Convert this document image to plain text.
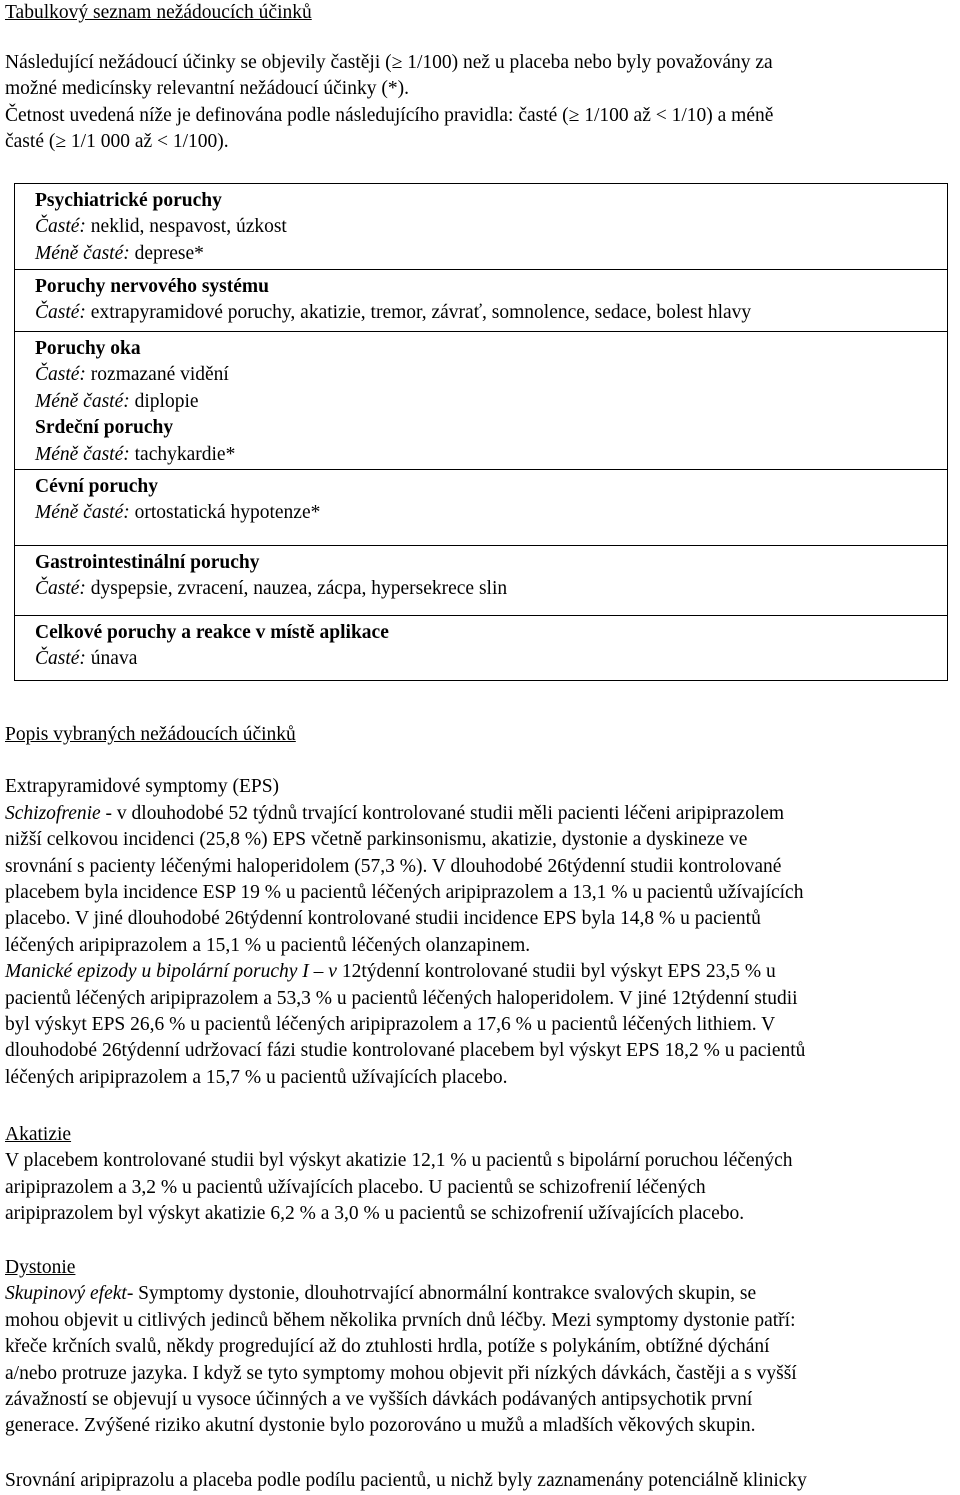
Tabulkový seznam nežádoucích účinků

Následující nežádoucí účinky se objevily častěji (≥ 1/100) než u placeba nebo byly považovány za

možné medicínsky relevantní nežádoucí účinky (*).

Četnost uvedená níže je definována podle následujícího pravidla: časté (≥ 1/100 až < 1/10) a méně

časté (≥ 1/1 000 až < 1/100).

Psychiatrické poruchy
Časté: neklid, nespavost, úzkost
Méně časté: deprese*
Poruchy nervového systému
Časté: extrapyramidové poruchy, akatizie, tremor, závrať, somnolence, sedace, bolest hlavy
Poruchy oka
Časté: rozmazané vidění
Méně časté: diplopie
Srdeční poruchy
Méně časté: tachykardie*
Cévní poruchy
Méně časté: ortostatická hypotenze*
Gastrointestinální poruchy
Časté: dyspepsie, zvracení, nauzea, zácpa, hypersekrece slin
Celkové poruchy a reakce v místě aplikace
Časté: únava

Popis vybraných nežádoucích účinků

Extrapyramidové symptomy (EPS)

Schizofrenie - v dlouhodobé 52 týdnů trvající kontrolované studii měli pacienti léčeni aripiprazolem

nižší celkovou incidenci (25,8 %) EPS včetně parkinsonismu, akatizie, dystonie a dyskineze ve

srovnání s pacienty léčenými haloperidolem (57,3 %). V dlouhodobé 26týdenní studii kontrolované

placebem byla incidence ESP 19 % u pacientů léčených aripiprazolem a 13,1 % u pacientů užívajících

placebo. V jiné dlouhodobé 26týdenní kontrolované studii incidence EPS byla 14,8 % u pacientů

léčených aripiprazolem a 15,1 % u pacientů léčených olanzapinem.

Manické epizody u bipolární poruchy I – v 12týdenní kontrolované studii byl výskyt EPS 23,5 % u

pacientů léčených aripiprazolem a 53,3 % u pacientů léčených haloperidolem. V jiné 12týdenní studii

byl výskyt EPS 26,6 % u pacientů léčených aripiprazolem a 17,6 % u pacientů léčených lithiem. V

dlouhodobé 26týdenní udržovací fázi studie kontrolované placebem byl výskyt EPS 18,2 % u pacientů

léčených aripiprazolem a 15,7 % u pacientů užívajících placebo.

Akatizie

V placebem kontrolované studii byl výskyt akatizie 12,1 % u pacientů s bipolární poruchou léčených

aripiprazolem a 3,2 % u pacientů užívajících placebo. U pacientů se schizofrenií léčených

aripiprazolem byl výskyt akatizie 6,2 % a 3,0 % u pacientů se schizofrenií užívajících placebo.

Dystonie

Skupinový efekt- Symptomy dystonie, dlouhotrvající abnormální kontrakce svalových skupin, se

mohou objevit u citlivých jedinců během několika prvních dnů léčby. Mezi symptomy dystonie patří:

křeče krčních svalů, někdy progredující až do ztuhlosti hrdla, potíže s polykáním, obtížné dýchání

a/nebo protruze jazyka. I když se tyto symptomy mohou objevit při nízkých dávkách, častěji a s vyšší

závažností se objevují u vysoce účinných a ve vyšších dávkách podávaných antipsychotik první

generace. Zvýšené riziko akutní dystonie bylo pozorováno u mužů a mladších věkových skupin.

Srovnání aripiprazolu a placeba podle podílu pacientů, u nichž byly zaznamenány potenciálně klinicky
